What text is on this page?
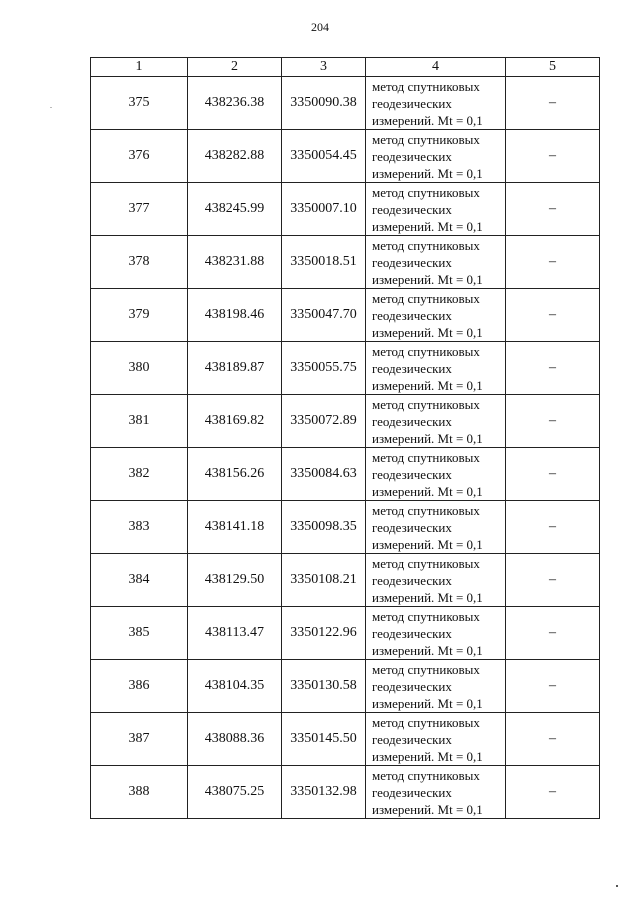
204
1	2	3	4	5
375	438236.38	3350090.38	метод спутниковых
геодезических
измерений. Mt = 0,1	–
376	438282.88	3350054.45	метод спутниковых
геодезических
измерений. Mt = 0,1	–
377	438245.99	3350007.10	метод спутниковых
геодезических
измерений. Mt = 0,1	–
378	438231.88	3350018.51	метод спутниковых
геодезических
измерений. Mt = 0,1	–
379	438198.46	3350047.70	метод спутниковых
геодезических
измерений. Mt = 0,1	–
380	438189.87	3350055.75	метод спутниковых
геодезических
измерений. Mt = 0,1	–
381	438169.82	3350072.89	метод спутниковых
геодезических
измерений. Mt = 0,1	–
382	438156.26	3350084.63	метод спутниковых
геодезических
измерений. Mt = 0,1	–
383	438141.18	3350098.35	метод спутниковых
геодезических
измерений. Mt = 0,1	–
384	438129.50	3350108.21	метод спутниковых
геодезических
измерений. Mt = 0,1	–
385	438113.47	3350122.96	метод спутниковых
геодезических
измерений. Mt = 0,1	–
386	438104.35	3350130.58	метод спутниковых
геодезических
измерений. Mt = 0,1	–
387	438088.36	3350145.50	метод спутниковых
геодезических
измерений. Mt = 0,1	–
388	438075.25	3350132.98	метод спутниковых
геодезических
измерений. Mt = 0,1	–
